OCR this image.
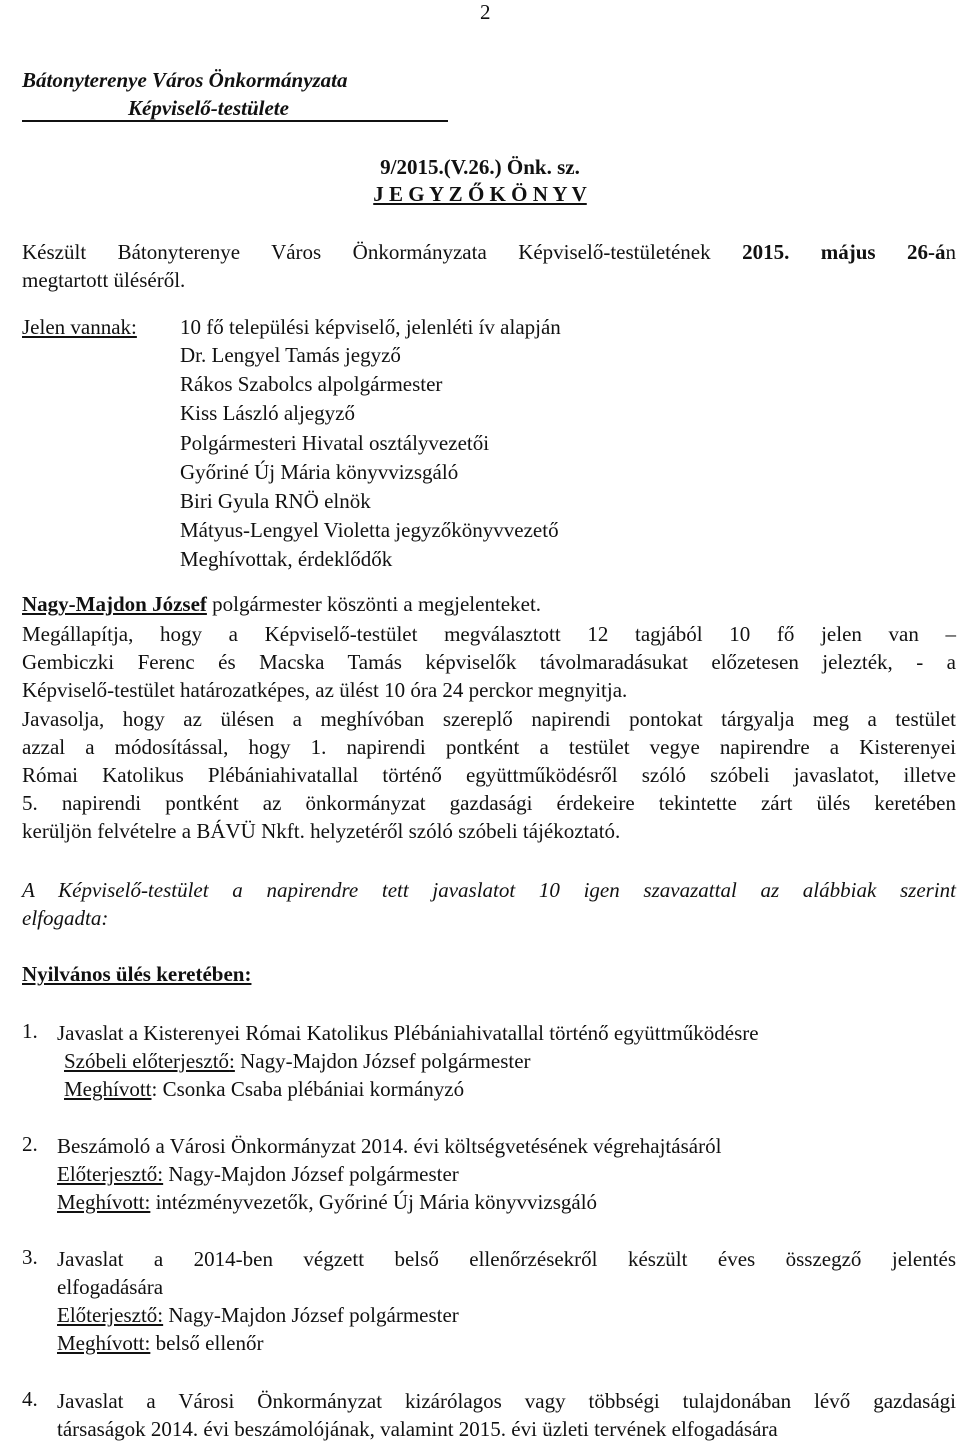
2
Bátonyterenye Város Önkormányzata
Képviselő-testülete
9/2015.(V.26.) Önk. sz.
J E G Y Z Ő K Ö N Y V

Készült Bátonyterenye Város Önkormányzata Képviselő-testületének 2015. május 26-án

megtartott üléséről.

Jelen vannak: 10 fő települési képviselő, jelenléti ív alapján
Dr. Lengyel Tamás jegyző
Rákos Szabolcs alpolgármester
Kiss László aljegyző
Polgármesteri Hivatal osztályvezetői
Győriné Új Mária könyvvizsgáló
Biri Gyula RNÖ elnök
Mátyus-Lengyel Violetta jegyzőkönyvvezető
Meghívottak, érdeklődők
Nagy-Majdon József polgármester köszönti a megjelenteket.

Megállapítja, hogy a Képviselő-testület megválasztott 12 tagjából 10 fő jelen van –

Gembiczki Ferenc és Macska Tamás képviselők távolmaradásukat előzetesen jelezték, - a

Képviselő-testület határozatképes, az ülést 10 óra 24 perckor megnyitja.

Javasolja, hogy az ülésen a meghívóban szereplő napirendi pontokat tárgyalja meg a testület

azzal a módosítással, hogy 1. napirendi pontként a testület vegye napirendre a Kisterenyei

Római Katolikus Plébániahivatallal történő együttműködésről szóló szóbeli javaslatot, illetve

5. napirendi pontként az önkormányzat gazdasági érdekeire tekintette zárt ülés keretében

kerüljön felvételre a BÁVÜ Nkft. helyzetéről szóló szóbeli tájékoztató.

A Képviselő-testület a napirendre tett javaslatot 10 igen szavazattal az alábbiak szerint

elfogadta:

Nyilvános ülés keretében:
1. Javaslat a Kisterenyei Római Katolikus Plébániahivatallal történő együttműködésre

Szóbeli előterjesztő: Nagy-Majdon József polgármester

Meghívott: Csonka Csaba plébániai kormányzó

2. Beszámoló a Városi Önkormányzat 2014. évi költségvetésének végrehajtásáról

Előterjesztő: Nagy-Majdon József polgármester

Meghívott: intézményvezetők, Győriné Új Mária könyvvizsgáló

3. Javaslat a 2014-ben végzett belső ellenőrzésekről készült éves összegző jelentés

elfogadására

Előterjesztő: Nagy-Majdon József polgármester

Meghívott: belső ellenőr

4. Javaslat a Városi Önkormányzat kizárólagos vagy többségi tulajdonában lévő gazdasági

társaságok 2014. évi beszámolójának, valamint 2015. évi üzleti tervének elfogadására
